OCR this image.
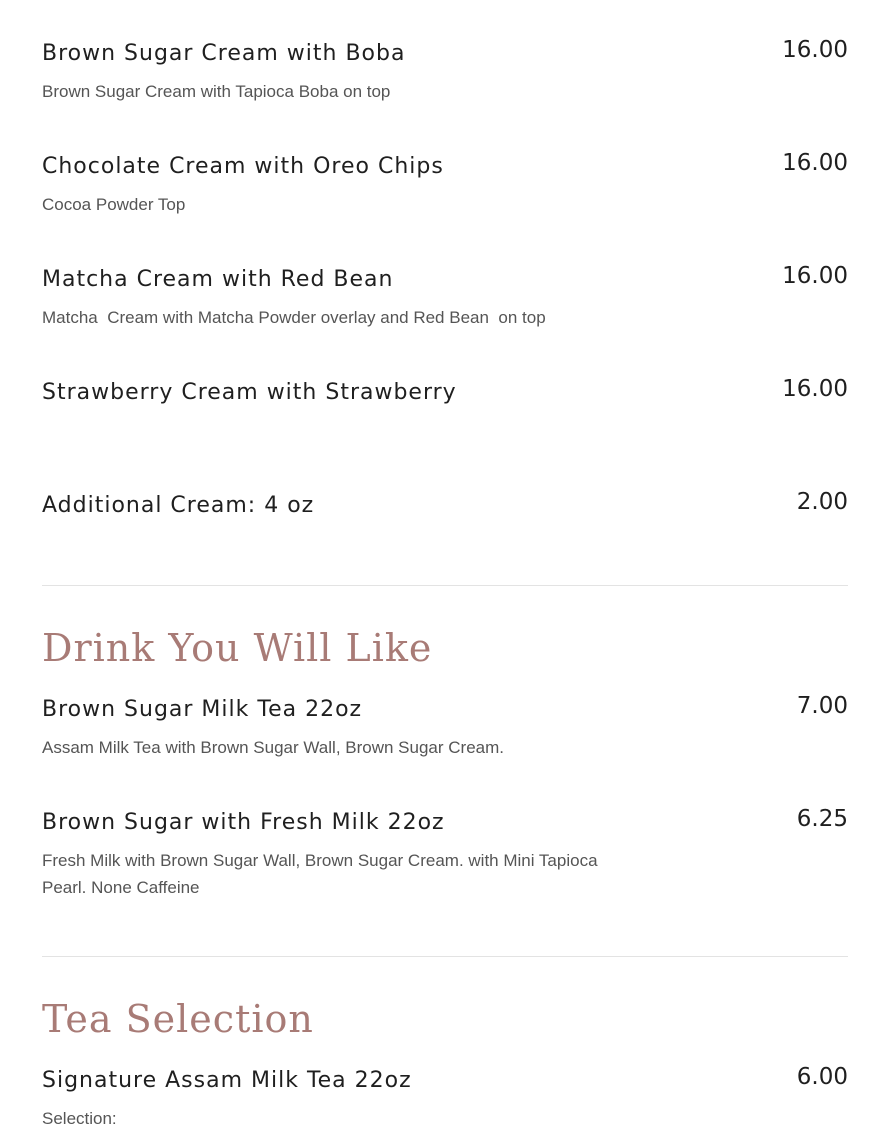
Brown Sugar Cream with Boba	16.00
Brown Sugar Cream with Tapioca Boba on top
Chocolate Cream with Oreo Chips	16.00
Cocoa Powder Top
Matcha Cream with Red Bean	16.00
Matcha  Cream with Matcha Powder overlay and Red Bean  on top
Strawberry Cream with Strawberry	16.00
Additional Cream: 4 oz	2.00
Drink You Will Like
Brown Sugar Milk Tea 22oz	7.00
Assam Milk Tea with Brown Sugar Wall, Brown Sugar Cream.
Brown Sugar with Fresh Milk 22oz	6.25
Fresh Milk with Brown Sugar Wall, Brown Sugar Cream. with Mini Tapioca Pearl. None Caffeine
Tea Selection
Signature Assam Milk Tea 22oz	6.00
Selection:
